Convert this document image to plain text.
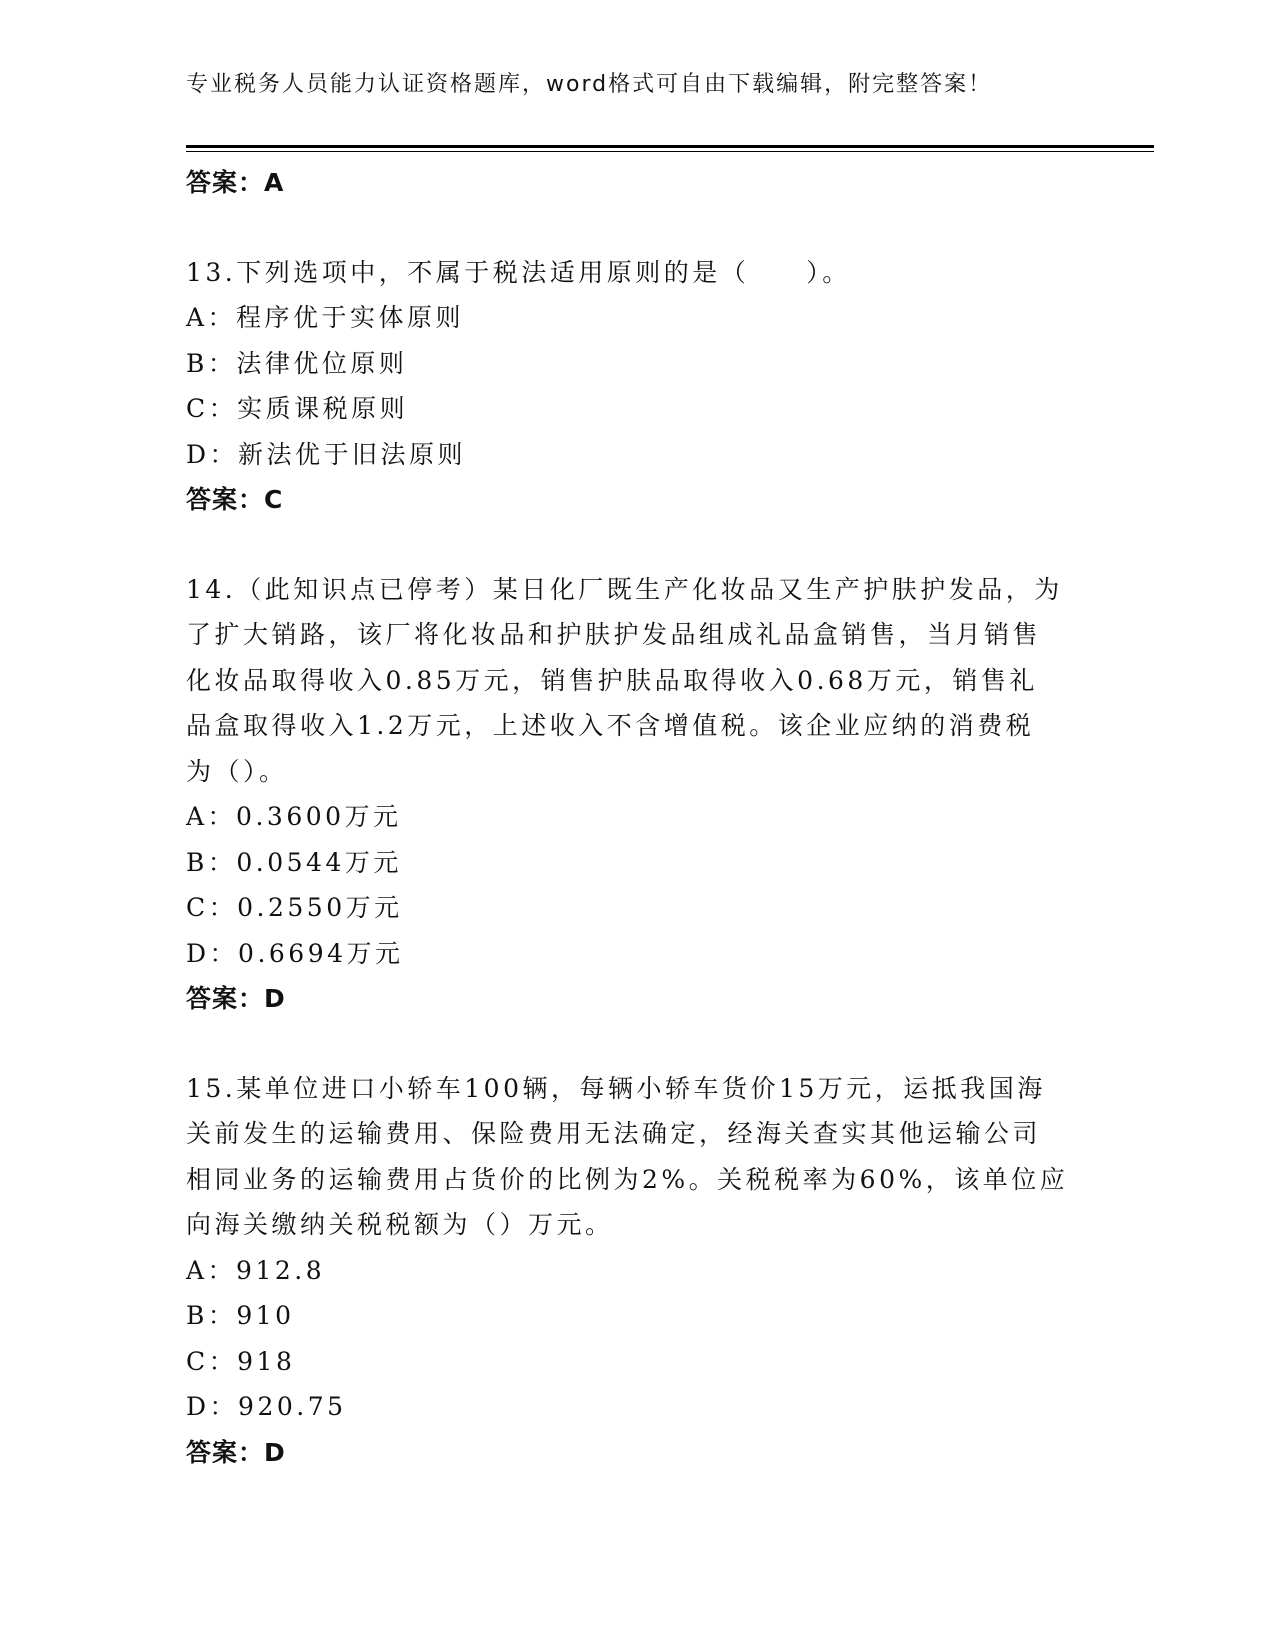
专业税务人员能力认证资格题库，word格式可自由下载编辑，附完整答案！
答案：A
13.下列选项中，不属于税法适用原则的是（　　）。
A：程序优于实体原则
B：法律优位原则
C：实质课税原则
D：新法优于旧法原则
答案：C
14.（此知识点已停考）某日化厂既生产化妆品又生产护肤护发品，为
了扩大销路，该厂将化妆品和护肤护发品组成礼品盒销售，当月销售
化妆品取得收入0.85万元，销售护肤品取得收入0.68万元，销售礼
品盒取得收入1.2万元，上述收入不含增值税。该企业应纳的消费税
为（）。
A：0.3600万元
B：0.0544万元
C：0.2550万元
D：0.6694万元
答案：D
15.某单位进口小轿车100辆，每辆小轿车货价15万元，运抵我国海
关前发生的运输费用、保险费用无法确定，经海关查实其他运输公司
相同业务的运输费用占货价的比例为2%。关税税率为60%，该单位应
向海关缴纳关税税额为（）万元。
A：912.8
B：910
C：918
D：920.75
答案：D
